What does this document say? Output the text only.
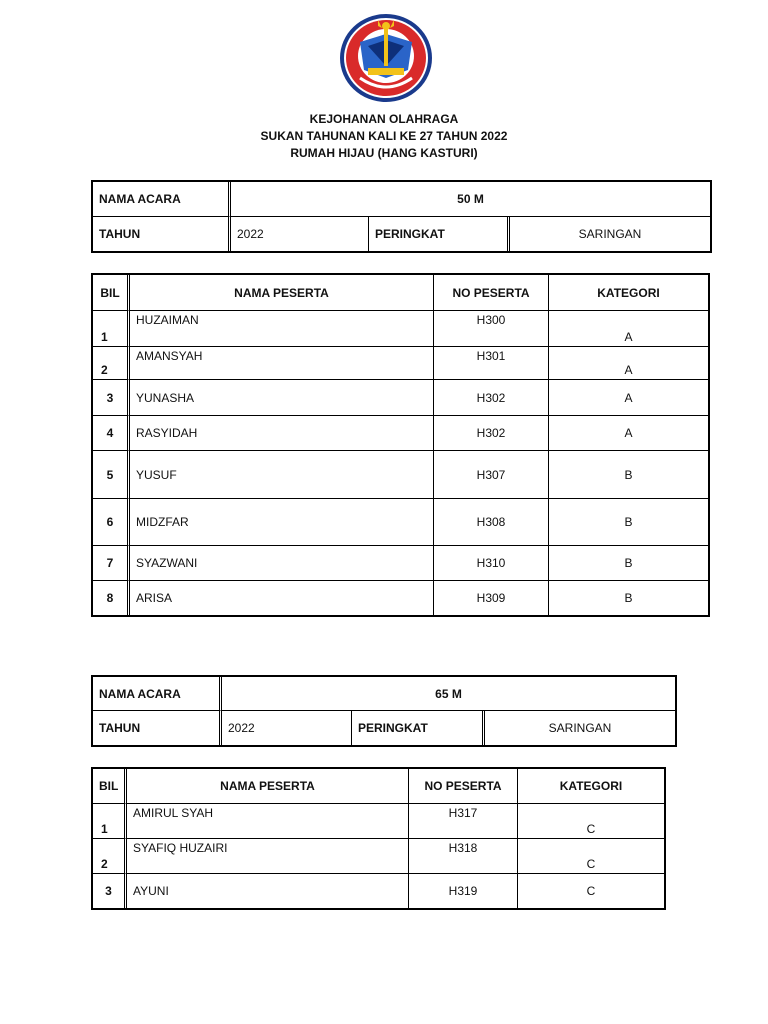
KEJOHANAN OLAHRAGA
SUKAN TAHUNAN KALI KE 27 TAHUN 2022
RUMAH HIJAU (HANG KASTURI)
NAMA ACARA	50 M		
TAHUN	2022	PERINGKAT	SARINGAN
BIL	NAMA PESERTA	NO PESERTA	KATEGORI

1	HUZAIMAN	H300	A

2	AMANSYAH	H301	A

3	YUNASHA	H302	A
4	RASYIDAH	H302	A
5	YUSUF	H307	B
6	MIDZFAR	H308	B
7	SYAZWANI	H310	B
8	ARISA	H309	B
NAMA ACARA	65 M		
TAHUN	2022	PERINGKAT	SARINGAN
BIL	NAMA PESERTA	NO PESERTA	KATEGORI

1	AMIRUL SYAH	H317	C

2	SYAFIQ HUZAIRI	H318	C

3	AYUNI	H319	C
